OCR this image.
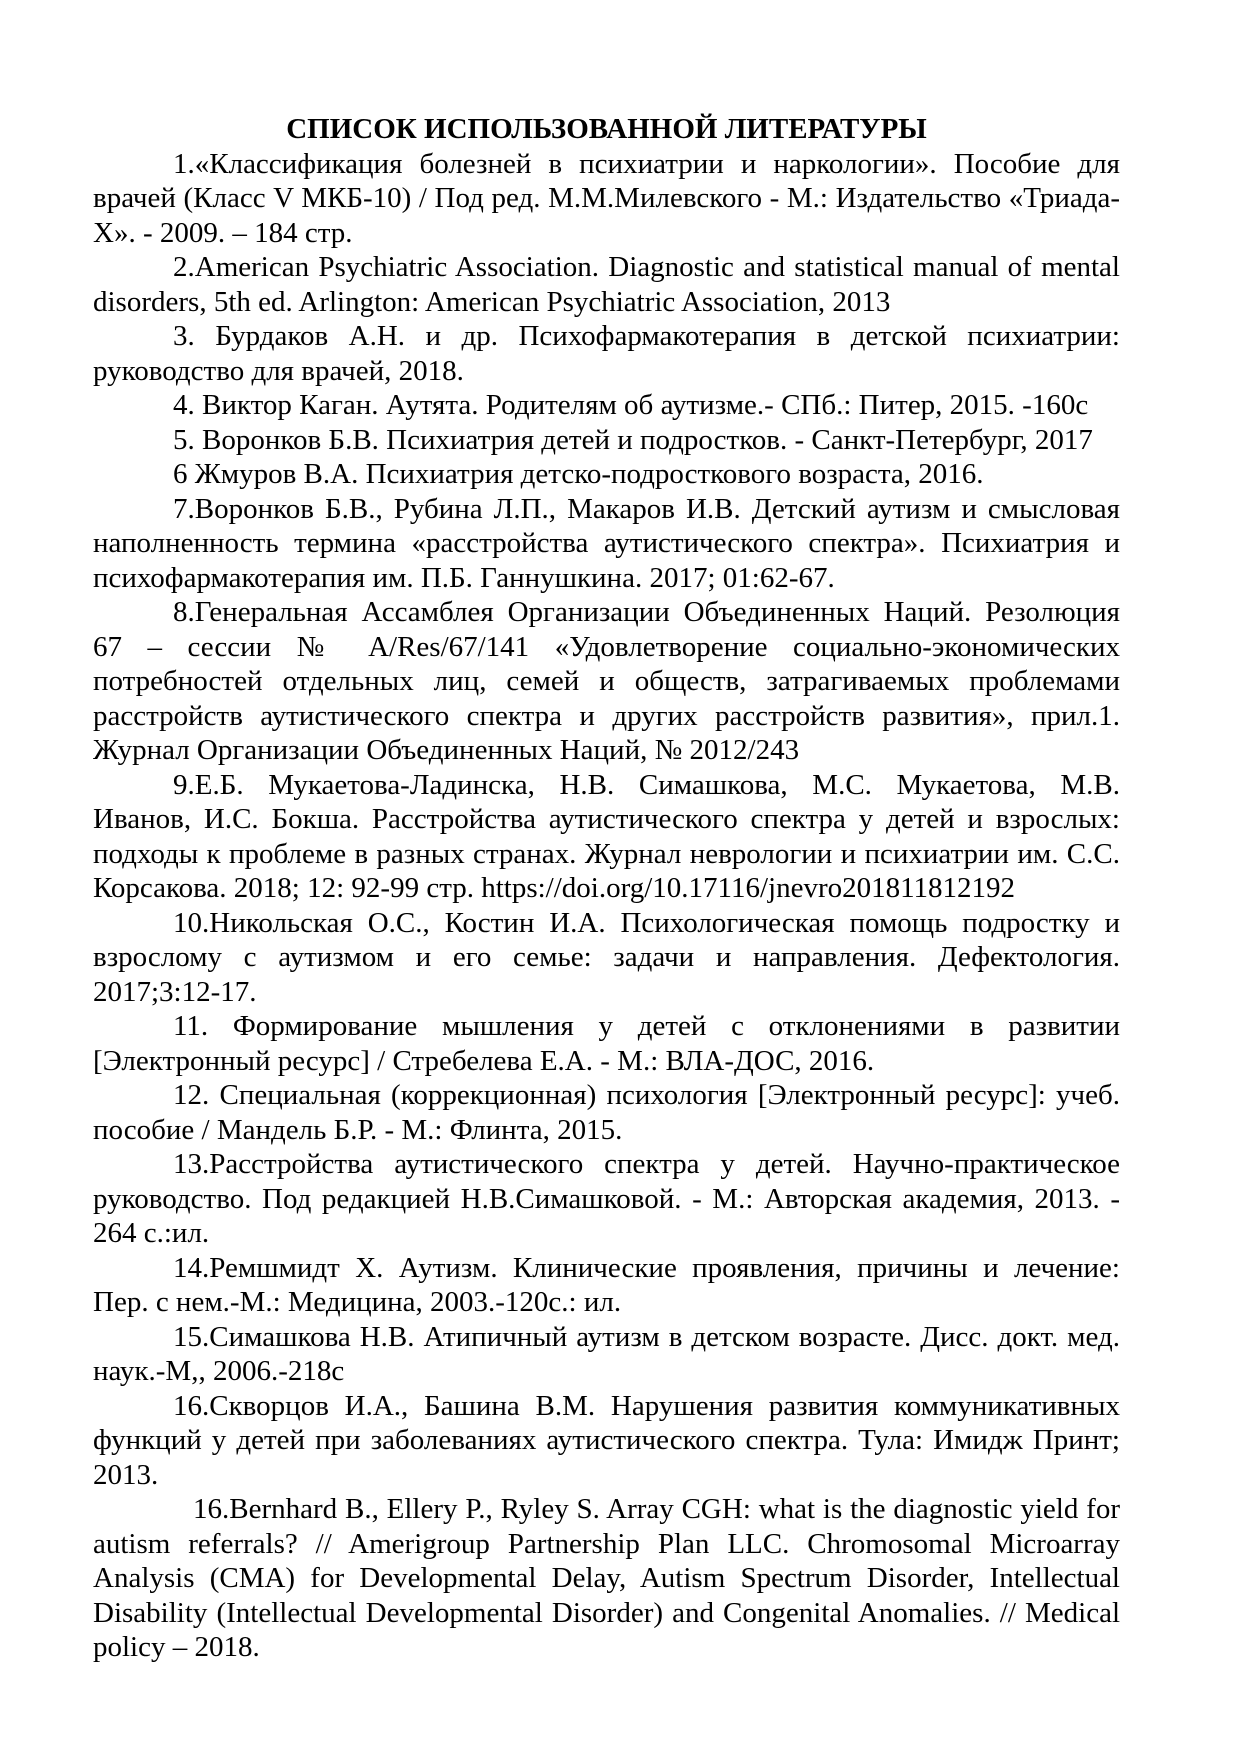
СПИСОК ИСПОЛЬЗОВАННОЙ ЛИТЕРАТУРЫ

1.«Классификация болезней в психиатрии и наркологии». Пособие для врачей (Класс V МКБ-10) / Под ред. М.М.Милевского - М.: Издательство «Триада-Х». - 2009. – 184 стр.

2.American Psychiatric Association. Diagnostic and statistical manual of mental disorders, 5th ed. Arlington: American Psychiatric Association, 2013

3. Бурдаков А.Н. и др. Психофармакотерапия в детской психиатрии: руководство для врачей, 2018.

4. Виктор Каган. Аутята. Родителям об аутизме.- СПб.: Питер, 2015. -160с

5. Воронков Б.В. Психиатрия детей и подростков. - Санкт-Петербург, 2017

6 Жмуров В.А. Психиатрия детско-подросткового возраста, 2016.

7.Воронков Б.В., Рубина Л.П., Макаров И.В. Детский аутизм и смысловая наполненность термина «расстройства аутистического спектра». Психиатрия и психофармакотерапия им. П.Б. Ганнушкина. 2017; 01:62-67.

8.Генеральная Ассамблея Организации Объединенных Наций. Резолюция 67 – сессии № A/Res/67/141 «Удовлетворение социально-экономических потребностей отдельных лиц, семей и обществ, затрагиваемых проблемами расстройств аутистического спектра и других расстройств развития», прил.1. Журнал Организации Объединенных Наций, № 2012/243

9.Е.Б. Мукаетова-Ладинска, Н.В. Симашкова, М.С. Мукаетова, М.В. Иванов, И.С. Бокша. Расстройства аутистического спектра у детей и взрослых: подходы к проблеме в разных странах. Журнал неврологии и психиатрии им. С.С. Корсакова. 2018; 12: 92-99 стр. https://doi.org/10.17116/jnevro201811812192

10.Никольская О.С., Костин И.А. Психологическая помощь подростку и взрослому с аутизмом и его семье: задачи и направления. Дефектология. 2017;3:12-17.

11. Формирование мышления у детей с отклонениями в развитии [Электронный ресурс] / Стребелева Е.А. - М.: ВЛА-ДОС, 2016.

12. Специальная (коррекционная) психология [Электронный ресурс]: учеб. пособие / Мандель Б.Р. - М.: Флинта, 2015.

13.Расстройства аутистического спектра у детей. Научно-практическое руководство. Под редакцией Н.В.Симашковой. - М.: Авторская академия, 2013. - 264 с.:ил.

14.Ремшмидт Х. Аутизм. Клинические проявления, причины и лечение: Пер. с нем.-М.: Медицина, 2003.-120с.: ил.

15.Симашкова Н.В. Атипичный аутизм в детском возрасте. Дисс. докт. мед. наук.-М,, 2006.-218с

16.Скворцов И.А., Башина В.М. Нарушения развития коммуникативных функций у детей при заболеваниях аутистического спектра. Тула: Имидж Принт; 2013.

16.Bernhard B., Ellery P., Ryley S. Array CGH: what is the diagnostic yield for autism referrals? // Amerigroup Partnership Plan LLC. Chromosomal Microarray Analysis (CMA) for Developmental Delay, Autism Spectrum Disorder, Intellectual Disability (Intellectual Developmental Disorder) and Congenital Anomalies. // Medical policy – 2018.
